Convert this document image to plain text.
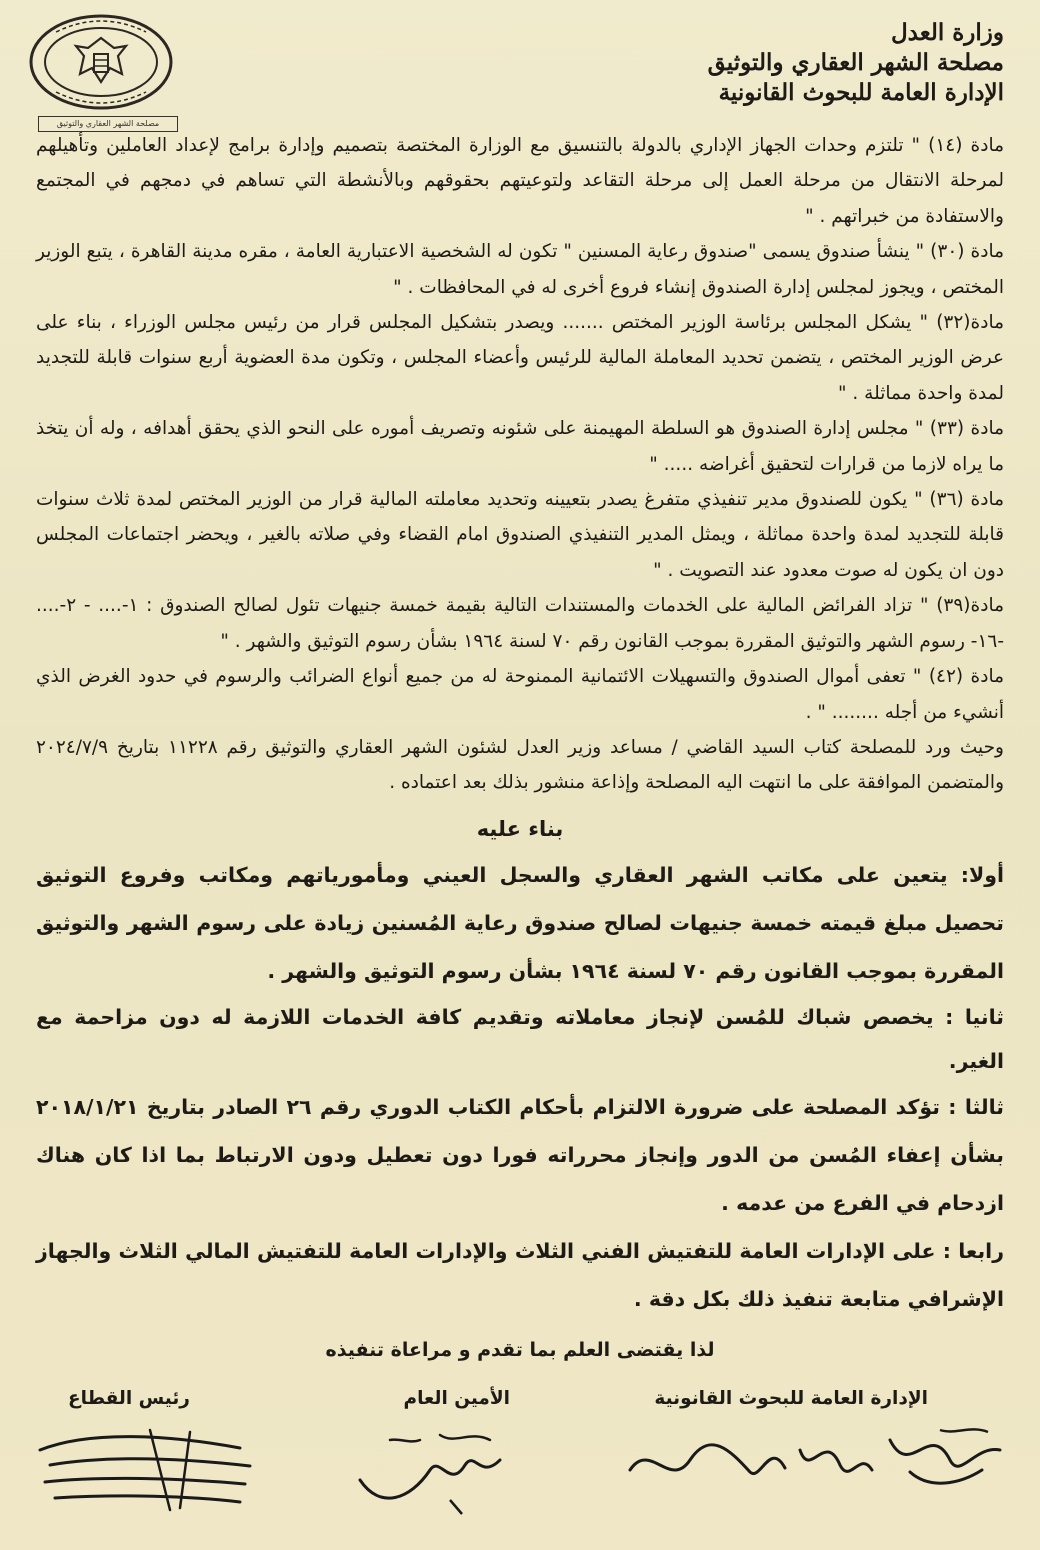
مصلحة الشهر العقاري والتوثيق
وزارة العدل
مصلحة الشهر العقاري والتوثيق
الإدارة العامة للبحوث القانونية
مادة (١٤) " تلتزم وحدات الجهاز الإداري بالدولة بالتنسيق مع الوزارة المختصة بتصميم وإدارة برامج لإعداد العاملين وتأهيلهم لمرحلة الانتقال من مرحلة العمل إلى مرحلة التقاعد ولتوعيتهم بحقوقهم وبالأنشطة التي تساهم في دمجهم في المجتمع والاستفادة من خبراتهم . "
مادة (٣٠) " ينشأ صندوق يسمى "صندوق رعاية المسنين " تكون له الشخصية الاعتبارية العامة ، مقره مدينة القاهرة ، يتبع الوزير المختص ، ويجوز لمجلس إدارة الصندوق إنشاء فروع أخرى له في المحافظات . "
مادة(٣٢) " يشكل المجلس برئاسة الوزير المختص ....... ويصدر بتشكيل المجلس قرار من رئيس مجلس الوزراء ، بناء على عرض الوزير المختص ، يتضمن تحديد المعاملة المالية للرئيس وأعضاء المجلس ، وتكون مدة العضوية أربع سنوات قابلة للتجديد لمدة واحدة مماثلة . "
مادة (٣٣) " مجلس إدارة الصندوق هو السلطة المهيمنة على شئونه وتصريف أموره على النحو الذي يحقق أهدافه ، وله أن يتخذ ما يراه لازما من قرارات لتحقيق أغراضه ..... "
مادة (٣٦) " يكون للصندوق مدير تنفيذي متفرغ يصدر بتعيينه وتحديد معاملته المالية قرار من الوزير المختص لمدة ثلاث سنوات قابلة للتجديد لمدة واحدة مماثلة ، ويمثل المدير التنفيذي الصندوق امام القضاء وفي صلاته بالغير ، ويحضر اجتماعات المجلس دون ان يكون له صوت معدود عند التصويت . "
مادة(٣٩) " تزاد الفرائض المالية على الخدمات والمستندات التالية بقيمة خمسة جنيهات تئول لصالح الصندوق : ١-.... - ٢-.... -١٦- رسوم الشهر والتوثيق المقررة بموجب القانون رقم ٧٠ لسنة ١٩٦٤ بشأن رسوم التوثيق والشهر . "
مادة (٤٢) " تعفى أموال الصندوق والتسهيلات الائتمانية الممنوحة له من جميع أنواع الضرائب والرسوم في حدود الغرض الذي أنشيء من أجله ........ " .
وحيث ورد للمصلحة كتاب السيد القاضي / مساعد وزير العدل لشئون الشهر العقاري والتوثيق رقم ١١٢٢٨ بتاريخ ٢٠٢٤/٧/٩ والمتضمن الموافقة على ما انتهت اليه المصلحة وإذاعة منشور بذلك بعد اعتماده .
بناء عليه
أولا: يتعين على مكاتب الشهر العقاري والسجل العيني ومأمورياتهم ومكاتب وفروع التوثيق تحصيل مبلغ قيمته خمسة جنيهات لصالح صندوق رعاية المُسنين زيادة على رسوم الشهر والتوثيق المقررة بموجب القانون رقم ٧٠ لسنة ١٩٦٤ بشأن رسوم التوثيق والشهر .
ثانيا : يخصص شباك للمُسن لإنجاز معاملاته وتقديم كافة الخدمات اللازمة له دون مزاحمة مع الغير.
ثالثا : تؤكد المصلحة على ضرورة الالتزام بأحكام الكتاب الدوري رقم ٢٦ الصادر بتاريخ ٢٠١٨/١/٢١ بشأن إعفاء المُسن من الدور وإنجاز محرراته فورا دون تعطيل ودون الارتباط بما اذا كان هناك ازدحام في الفرع من عدمه .
رابعا : على الإدارات العامة للتفتيش الفني الثلاث والإدارات العامة للتفتيش المالي الثلاث والجهاز الإشرافي متابعة تنفيذ ذلك بكل دقة .
لذا يقتضى العلم بما تقدم و مراعاة تنفيذه
الإدارة العامة للبحوث القانونية
الأمين العام
رئيس القطاع
